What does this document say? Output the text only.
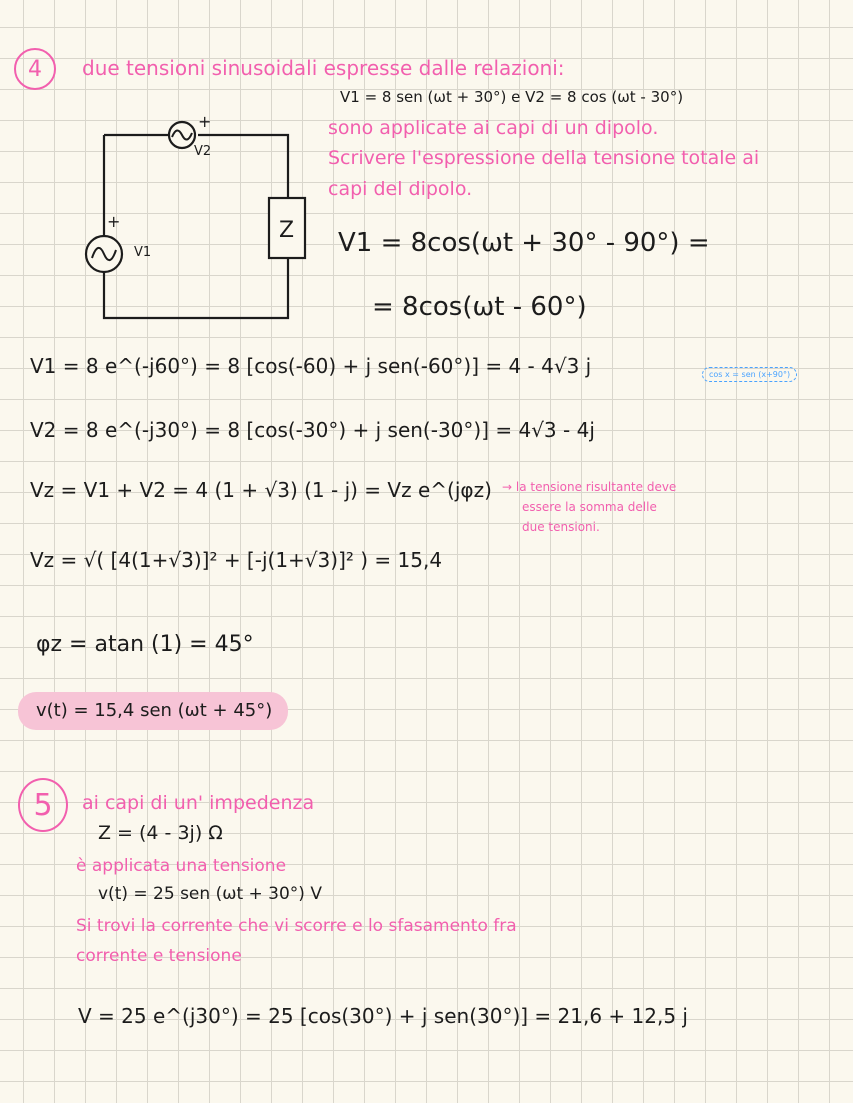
4	due tensioni sinusoidali espresse dalle relazioni:
V1 = 8 sen (ωt + 30°) e V2 = 8 cos (ωt - 30°)
sono applicate ai capi di un dipolo.
Scrivere l'espressione della tensione totale ai
capi del dipolo.
+
V2
+
V1
Z V1 = 8cos(ωt + 30° - 90°) =
= 8cos(ωt - 60°)
V1 = 8 e^(-j60°) = 8 [cos(-60) + j sen(-60°)] = 4 - 4√3 j	cos x = sen (x+90°)
V2 = 8 e^(-j30°) = 8 [cos(-30°) + j sen(-30°)] = 4√3 - 4j
Vz = V1 + V2 = 4 (1 + √3) (1 - j) = Vz e^(jφz) → la tensione risultante deve
essere la somma delle
due tensioni.
Vz = √( [4(1+√3)]² + [-j(1+√3)]² ) = 15,4
φz = atan (1) = 45°
v(t) = 15,4 sen (ωt + 45°)
5	ai capi di un' impedenza
Z = (4 - 3j) Ω
è applicata una tensione
v(t) = 25 sen (ωt + 30°) V
Si trovi la corrente che vi scorre e lo sfasamento fra
corrente e tensione
V = 25 e^(j30°) = 25 [cos(30°) + j sen(30°)] = 21,6 + 12,5 j
